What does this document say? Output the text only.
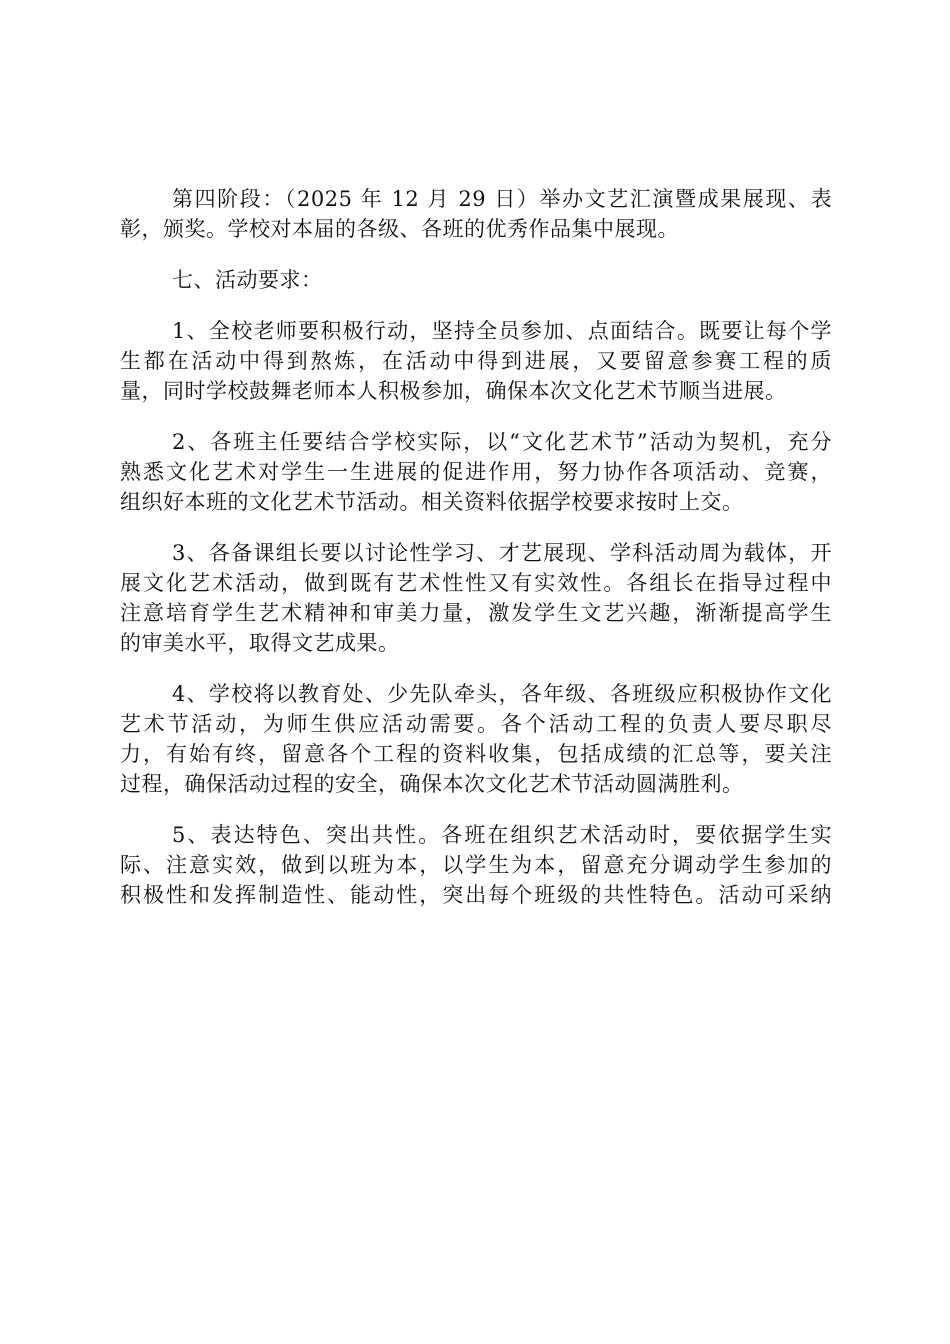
第四阶段：（2025 年 12 月 29 日）举办文艺汇演暨成果展现、表
彰，颁奖。学校对本届的各级、各班的优秀作品集中展现。
七、活动要求：
1、全校老师要积极行动，坚持全员参加、点面结合。既要让每个学
生都在活动中得到熬炼，在活动中得到进展，又要留意参赛工程的质
量，同时学校鼓舞老师本人积极参加，确保本次文化艺术节顺当进展。
2、各班主任要结合学校实际，以“文化艺术节”活动为契机，充分
熟悉文化艺术对学生一生进展的促进作用，努力协作各项活动、竞赛，
组织好本班的文化艺术节活动。相关资料依据学校要求按时上交。
3、各备课组长要以讨论性学习、才艺展现、学科活动周为载体，开
展文化艺术活动，做到既有艺术性性又有实效性。各组长在指导过程中
注意培育学生艺术精神和审美力量，激发学生文艺兴趣，渐渐提高学生
的审美水平，取得文艺成果。
4、学校将以教育处、少先队牵头，各年级、各班级应积极协作文化
艺术节活动，为师生供应活动需要。各个活动工程的负责人要尽职尽
力，有始有终，留意各个工程的资料收集，包括成绩的汇总等，要关注
过程，确保活动过程的安全，确保本次文化艺术节活动圆满胜利。
5、表达特色、突出共性。各班在组织艺术活动时，要依据学生实
际、注意实效，做到以班为本，以学生为本，留意充分调动学生参加的
积极性和发挥制造性、能动性，突出每个班级的共性特色。活动可采纳
